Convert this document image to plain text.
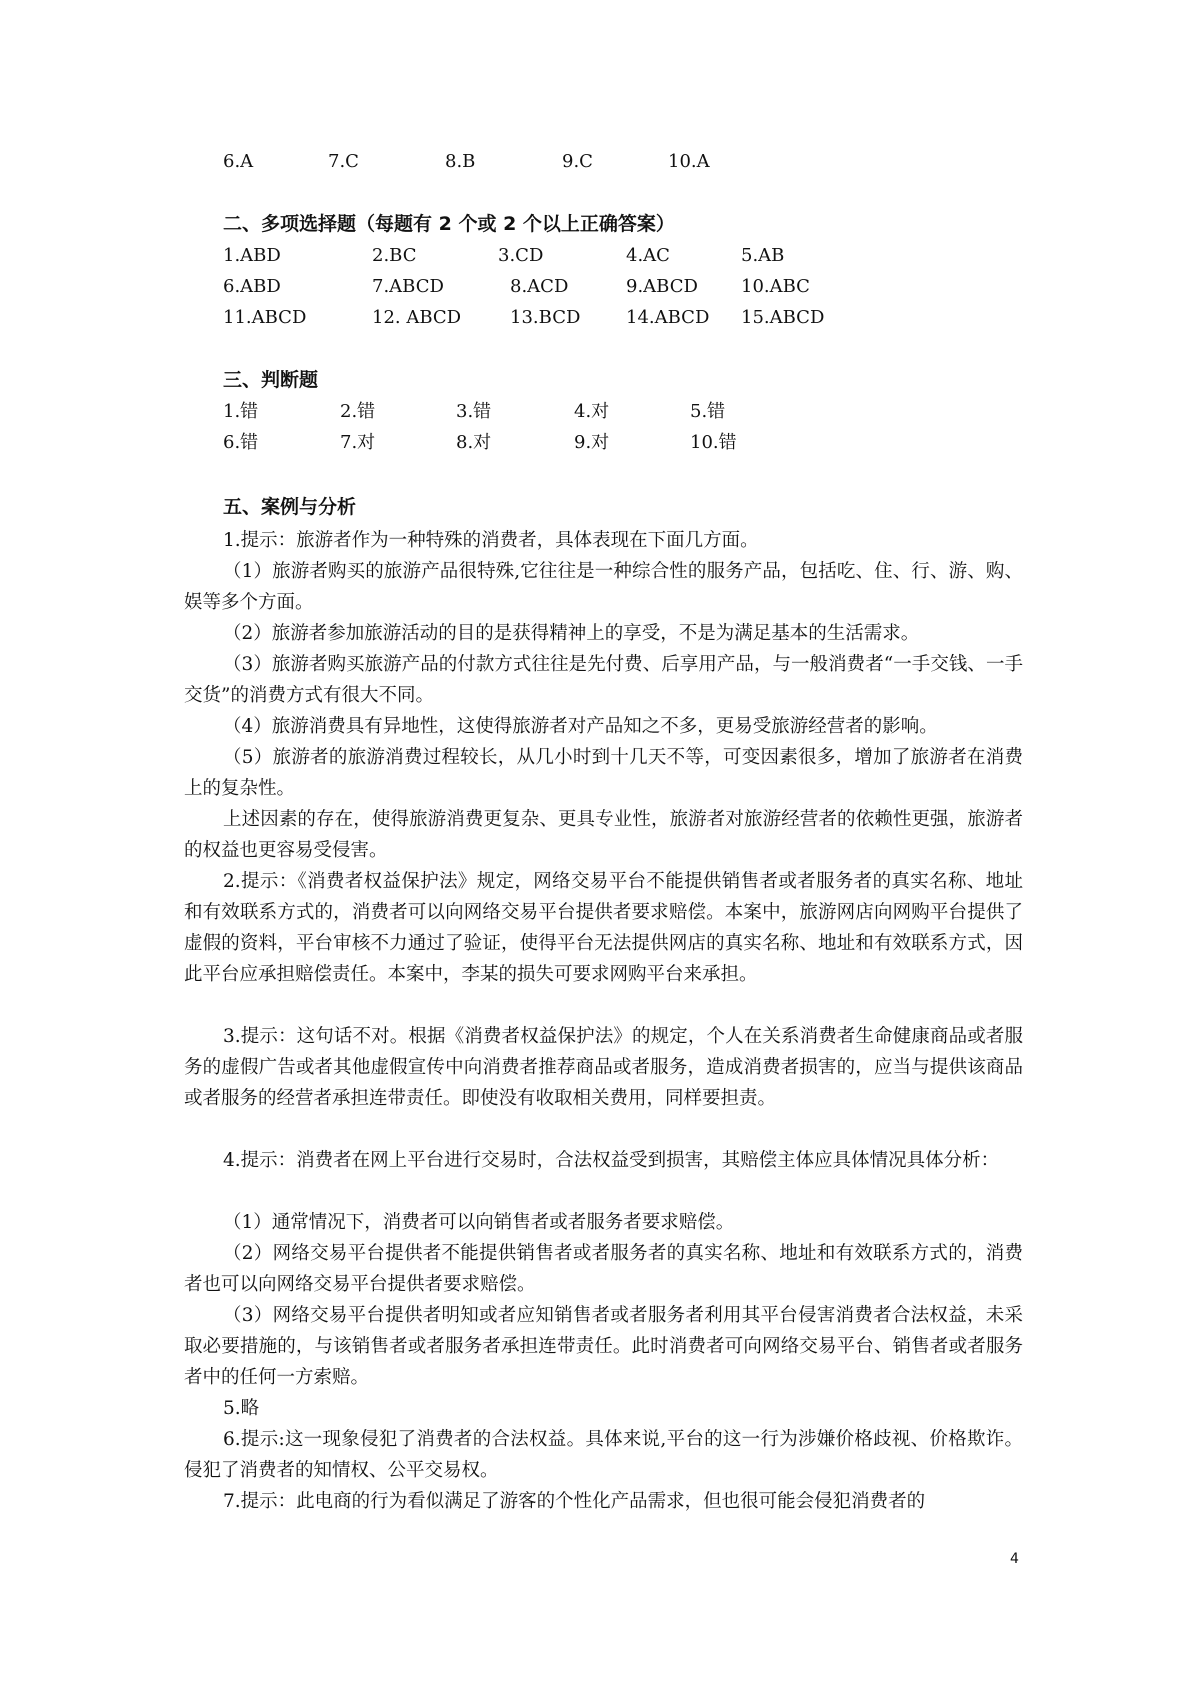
6.A	7.C	8.B	9.C	10.A
二、多项选择题（每题有 2 个或 2 个以上正确答案）
1.ABD	2.BC	3.CD	4.AC	5.AB
6.ABD	7.ABCD	8.ACD	9.ABCD 10.ABC
11.ABCD	12. ABCD	13.BCD	14.ABCD 15.ABCD
三、判断题
1.错	2.错	3.错	4.对	5.错
6.错	7.对	8.对	9.对	10.错
五、案例与分析

1.提示：旅游者作为一种特殊的消费者，具体表现在下面几方面。

（1）旅游者购买的旅游产品很特殊,它往往是一种综合性的服务产品，包括吃、住、行、游、购、娱等多个方面。

（2）旅游者参加旅游活动的目的是获得精神上的享受，不是为满足基本的生活需求。

（3）旅游者购买旅游产品的付款方式往往是先付费、后享用产品，与一般消费者“一手交钱、一手交货”的消费方式有很大不同。

（4）旅游消费具有异地性，这使得旅游者对产品知之不多，更易受旅游经营者的影响。

（5）旅游者的旅游消费过程较长，从几小时到十几天不等，可变因素很多，增加了旅游者在消费上的复杂性。

上述因素的存在，使得旅游消费更复杂、更具专业性，旅游者对旅游经营者的依赖性更强，旅游者的权益也更容易受侵害。

2.提示：《消费者权益保护法》规定，网络交易平台不能提供销售者或者服务者的真实名称、地址和有效联系方式的，消费者可以向网络交易平台提供者要求赔偿。本案中，旅游网店向网购平台提供了虚假的资料，平台审核不力通过了验证，使得平台无法提供网店的真实名称、地址和有效联系方式，因此平台应承担赔偿责任。本案中，李某的损失可要求网购平台来承担。

3.提示：这句话不对。根据《消费者权益保护法》的规定，个人在关系消费者生命健康商品或者服务的虚假广告或者其他虚假宣传中向消费者推荐商品或者服务，造成消费者损害的，应当与提供该商品或者服务的经营者承担连带责任。即使没有收取相关费用，同样要担责。

4.提示：消费者在网上平台进行交易时，合法权益受到损害，其赔偿主体应具体情况具体分析：

（1）通常情况下，消费者可以向销售者或者服务者要求赔偿。

（2）网络交易平台提供者不能提供销售者或者服务者的真实名称、地址和有效联系方式的，消费者也可以向网络交易平台提供者要求赔偿。

（3）网络交易平台提供者明知或者应知销售者或者服务者利用其平台侵害消费者合法权益，未采取必要措施的，与该销售者或者服务者承担连带责任。此时消费者可向网络交易平台、销售者或者服务者中的任何一方索赔。

5.略

6.提示:这一现象侵犯了消费者的合法权益。具体来说,平台的这一行为涉嫌价格歧视、价格欺诈。侵犯了消费者的知情权、公平交易权。

7.提示：此电商的行为看似满足了游客的个性化产品需求，但也很可能会侵犯消费者的

4
